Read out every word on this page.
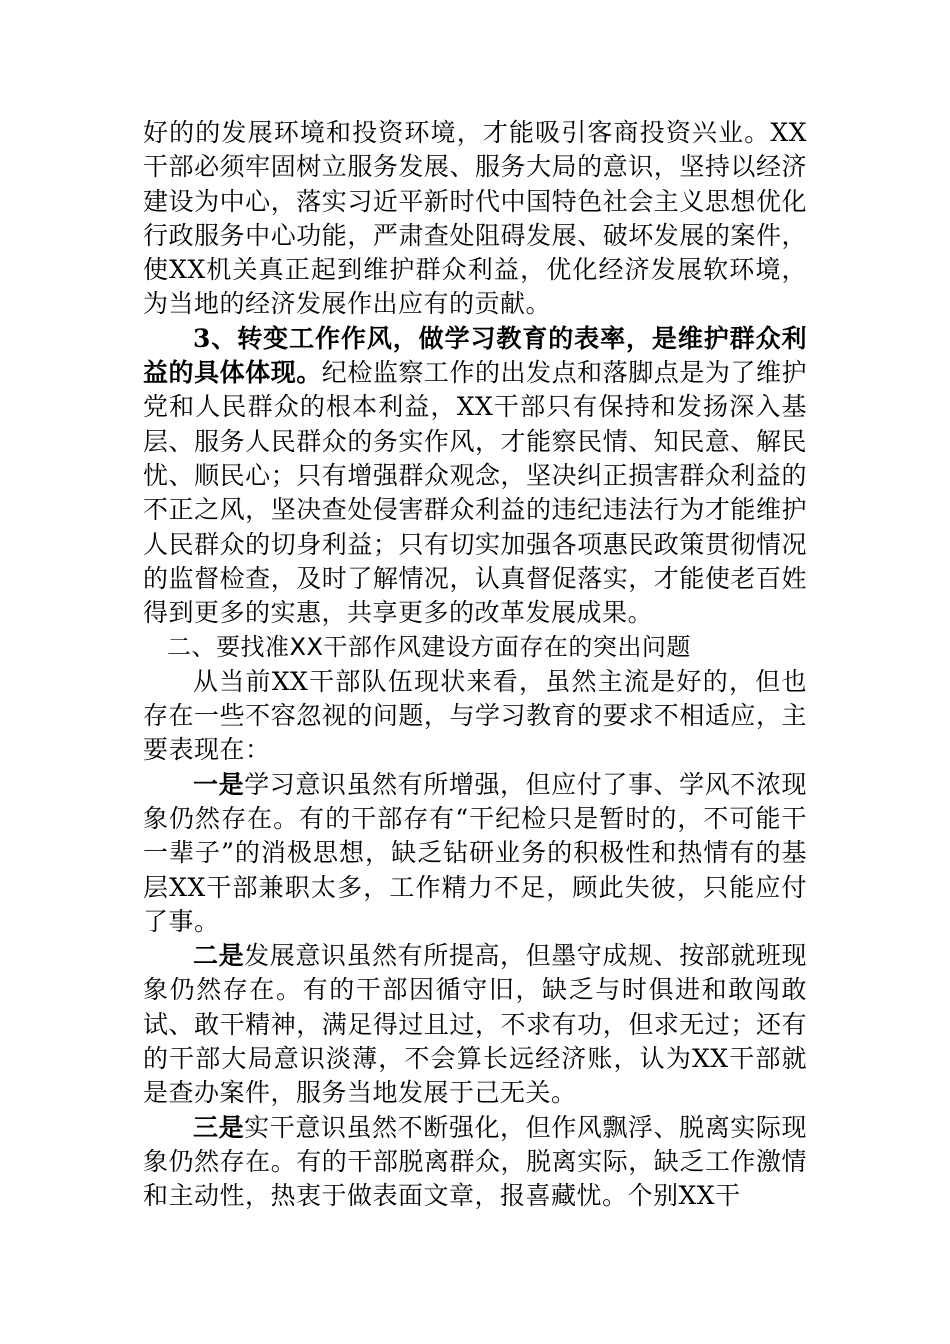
好的的发展环境和投资环境，才能吸引客商投资兴业。XX干部必须牢固树立服务发展、服务大局的意识，坚持以经济建设为中心，落实习近平新时代中国特色社会主义思想优化行政服务中心功能，严肃查处阻碍发展、破坏发展的案件，使XX机关真正起到维护群众利益，优化经济发展软环境，为当地的经济发展作出应有的贡献。

3、转变工作作风，做学习教育的表率，是维护群众利益的具体体现。纪检监察工作的出发点和落脚点是为了维护党和人民群众的根本利益，XX干部只有保持和发扬深入基层、服务人民群众的务实作风，才能察民情、知民意、解民忧、顺民心；只有增强群众观念，坚决纠正损害群众利益的不正之风，坚决查处侵害群众利益的违纪违法行为才能维护人民群众的切身利益；只有切实加强各项惠民政策贯彻情况的监督检查，及时了解情况，认真督促落实，才能使老百姓得到更多的实惠，共享更多的改革发展成果。

二、要找准XX干部作风建设方面存在的突出问题

从当前XX干部队伍现状来看，虽然主流是好的，但也存在一些不容忽视的问题，与学习教育的要求不相适应，主要表现在：

一是学习意识虽然有所增强，但应付了事、学风不浓现象仍然存在。有的干部存有“干纪检只是暂时的，不可能干一辈子”的消极思想，缺乏钻研业务的积极性和热情有的基层XX干部兼职太多，工作精力不足，顾此失彼，只能应付了事。

二是发展意识虽然有所提高，但墨守成规、按部就班现象仍然存在。有的干部因循守旧，缺乏与时俱进和敢闯敢试、敢干精神，满足得过且过，不求有功，但求无过；还有的干部大局意识淡薄，不会算长远经济账，认为XX干部就是查办案件，服务当地发展于己无关。

三是实干意识虽然不断强化，但作风飘浮、脱离实际现象仍然存在。有的干部脱离群众，脱离实际，缺乏工作激情和主动性，热衷于做表面文章，报喜藏忧。个别XX干
